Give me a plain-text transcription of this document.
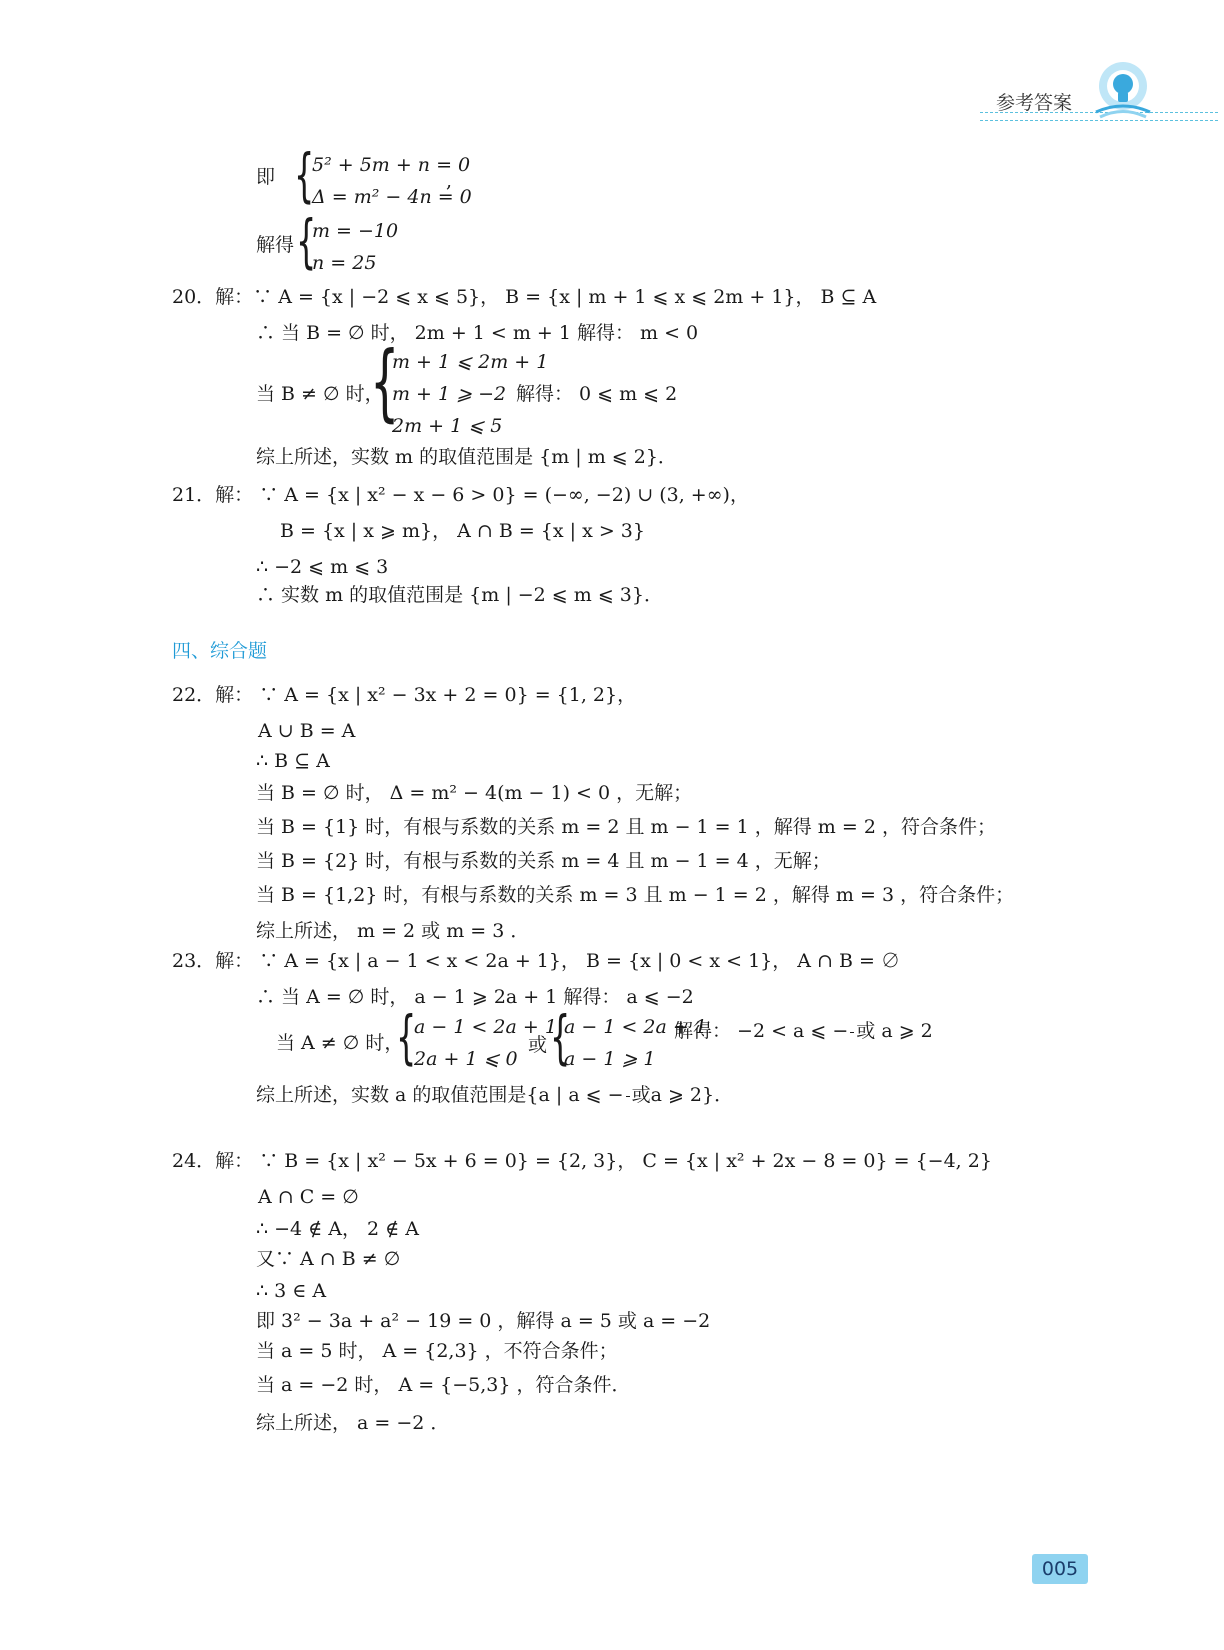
参考答案
即 {
5² + 5m + n = 0
Δ = m² − 4n = 0
,
解得 {
m = −10
n = 25
20．解：∵ A = {x | −2 ⩽ x ⩽ 5}， B = {x | m + 1 ⩽ x ⩽ 2m + 1}， B ⊆ A
∴ 当 B = ∅ 时， 2m + 1 < m + 1 解得： m < 0
当 B ≠ ∅ 时，
{
m + 1 ⩽ 2m + 1
m + 1 ⩾ −2
2m + 1 ⩽ 5
解得： 0 ⩽ m ⩽ 2
综上所述，实数 m 的取值范围是 {m | m ⩽ 2}．
21．解： ∵ A = {x | x² − x − 6 > 0} = (−∞, −2) ∪ (3, +∞)，
B = {x | x ⩾ m}， A ∩ B = {x | x > 3}
∴ −2 ⩽ m ⩽ 3
∴ 实数 m 的取值范围是 {m | −2 ⩽ m ⩽ 3}．
四、综合题
22．解： ∵ A = {x | x² − 3x + 2 = 0} = {1, 2}，
A ∪ B = A
∴ B ⊆ A
当 B = ∅ 时， Δ = m² − 4(m − 1) < 0 ，无解；
当 B = {1} 时，有根与系数的关系 m = 2 且 m − 1 = 1 ，解得 m = 2 ，符合条件；
当 B = {2} 时，有根与系数的关系 m = 4 且 m − 1 = 4 ，无解；
当 B = {1,2} 时，有根与系数的关系 m = 3 且 m − 1 = 2 ，解得 m = 3 ，符合条件；
综上所述， m = 2 或 m = 3 ．
23．解： ∵ A = {x | a − 1 < x < 2a + 1}， B = {x | 0 < x < 1}， A ∩ B = ∅
∴ 当 A = ∅ 时， a − 1 ⩾ 2a + 1 解得： a ⩽ −2
当 A ≠ ∅ 时，
{
a − 1 < 2a + 1
2a + 1 ⩽ 0
或 {
a − 1 < 2a + 1
a − 1 ⩾ 1
解得： −2 < a ⩽ − 或 a ⩾ 2
综上所述，实数 a 的取值范围是{a | a ⩽ − 或a ⩾ 2}．
24．解： ∵ B = {x | x² − 5x + 6 = 0} = {2, 3}， C = {x | x² + 2x − 8 = 0} = {−4, 2}
A ∩ C = ∅
∴ −4 ∉ A， 2 ∉ A
又∵ A ∩ B ≠ ∅
∴ 3 ∈ A
即 3² − 3a + a² − 19 = 0 ，解得 a = 5 或 a = −2
当 a = 5 时， A = {2,3} ，不符合条件；
当 a = −2 时， A = {−5,3} ，符合条件．
综上所述， a = −2 ．
005
